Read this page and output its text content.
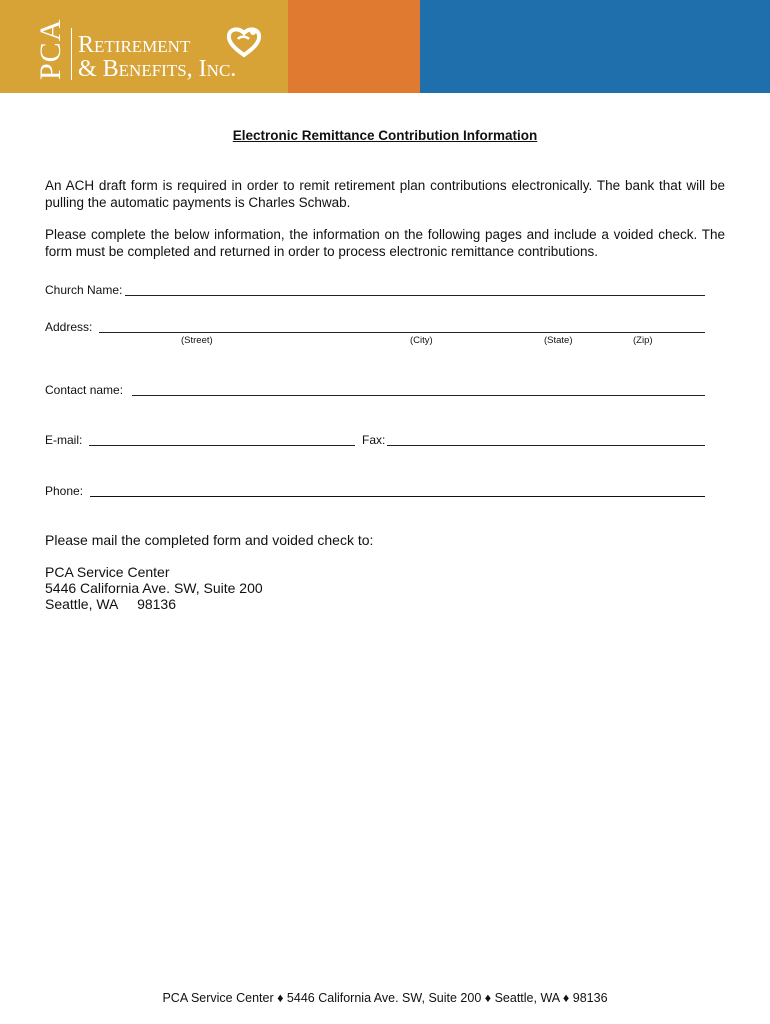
PCA Retirement
& Benefits, Inc.
Electronic Remittance Contribution Information
An ACH draft form is required in order to remit retirement plan contributions electronically. The bank that will be pulling the automatic payments is Charles Schwab.
Please complete the below information, the information on the following pages and include a voided check. The form must be completed and returned in order to process electronic remittance contributions.
Church Name:
Address:
(Street)	(City)	(State)	(Zip)
Contact name:
E-mail:	Fax:
Phone:
Please mail the completed form and voided check to:
PCA Service Center
5446 California Ave. SW, Suite 200
Seattle, WA     98136
PCA Service Center ♦ 5446 California Ave. SW, Suite 200 ♦ Seattle, WA ♦ 98136
